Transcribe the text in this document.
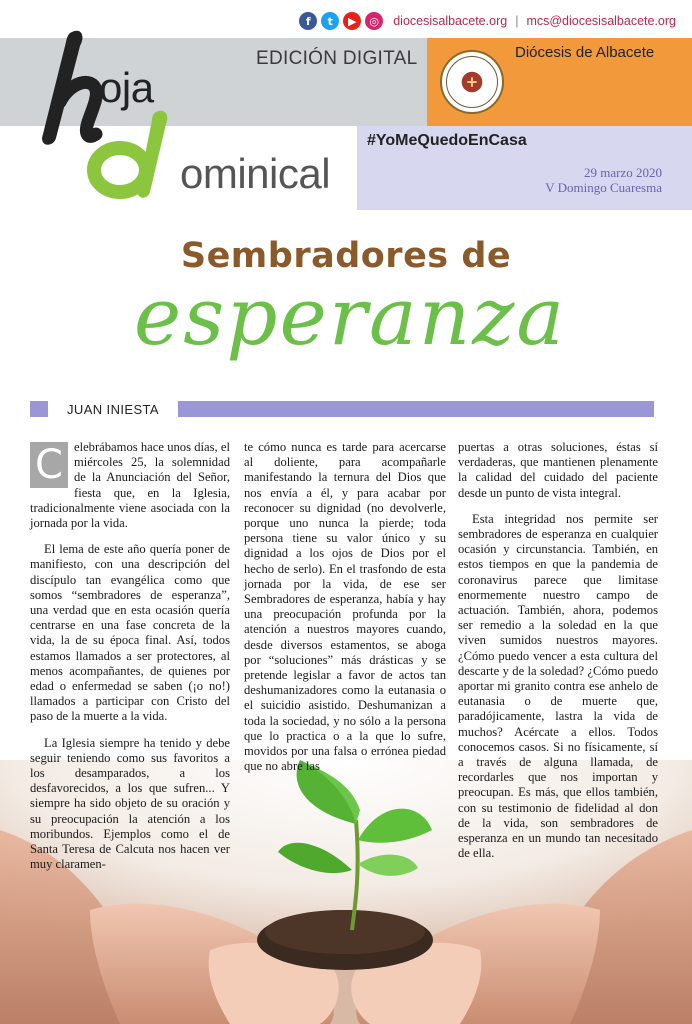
f	t	▶	◎	diocesisalbacete.org | mcs@diocesisalbacete.org
EDICIÓN DIGITAL	Diócesis de Albacete
#YoMeQuedoEnCasa
29 marzo 2020
V Domingo Cuaresma
oja
ominical
Sembradores de
esperanza
JUAN INIESTA

C elebrábamos hace unos días, el miércoles 25, la solemnidad de la Anunciación del Señor, fiesta que, en la Iglesia, tradicionalmente viene asociada con la jornada por la vida.

El lema de este año quería poner de manifiesto, con una descripción del discípulo tan evangélica como que somos “sembradores de esperanza”, una verdad que en esta ocasión quería centrarse en una fase concreta de la vida, la de su época final. Así, todos estamos llamados a ser protectores, al menos acompañantes, de quienes por edad o enfermedad se saben (¡o no!) llamados a participar con Cristo del paso de la muerte a la vida.

La Iglesia siempre ha tenido y debe seguir teniendo como sus favoritos a los desamparados, a los desfavorecidos, a los que sufren... Y siempre ha sido objeto de su oración y su preocupación la atención a los moribundos. Ejemplos como el de Santa Teresa de Calcuta nos hacen ver muy claramen-

te cómo nunca es tarde para acercarse al doliente, para acompañarle manifestando la ternura del Dios que nos envía a él, y para acabar por reconocer su dignidad (no devolverle, porque uno nunca la pierde; toda persona tiene su valor único y su dignidad a los ojos de Dios por el hecho de serlo). En el trasfondo de esta jornada por la vida, de ese ser Sembradores de esperanza, había y hay una preocupación profunda por la atención a nuestros mayores cuando, desde diversos estamentos, se aboga por “soluciones” más drásticas y se pretende legislar a favor de actos tan deshumanizadores como la eutanasia o el suicidio asistido. Deshumanizan a toda la sociedad, y no sólo a la persona que lo practica o a la que lo sufre, movidos por una falsa o errónea piedad que no abre las

puertas a otras soluciones, éstas sí verdaderas, que mantienen plenamente la calidad del cuidado del paciente desde un punto de vista integral.

Esta integridad nos permite ser sembradores de esperanza en cualquier ocasión y circunstancia. También, en estos tiempos en que la pandemia de coronavirus parece que limitase enormemente nuestro campo de actuación. También, ahora, podemos ser remedio a la soledad en la que viven sumidos nuestros mayores. ¿Cómo puedo vencer a esta cultura del descarte y de la soledad? ¿Cómo puedo aportar mi granito contra ese anhelo de eutanasia o de muerte que, paradójicamente, lastra la vida de muchos? Acércate a ellos. Todos conocemos casos. Si no físicamente, sí a través de alguna llamada, de recordarles que nos importan y preocupan. Es más, que ellos también, con su testimonio de fidelidad al don de la vida, son sembradores de esperanza en un mundo tan necesitado de ella.
